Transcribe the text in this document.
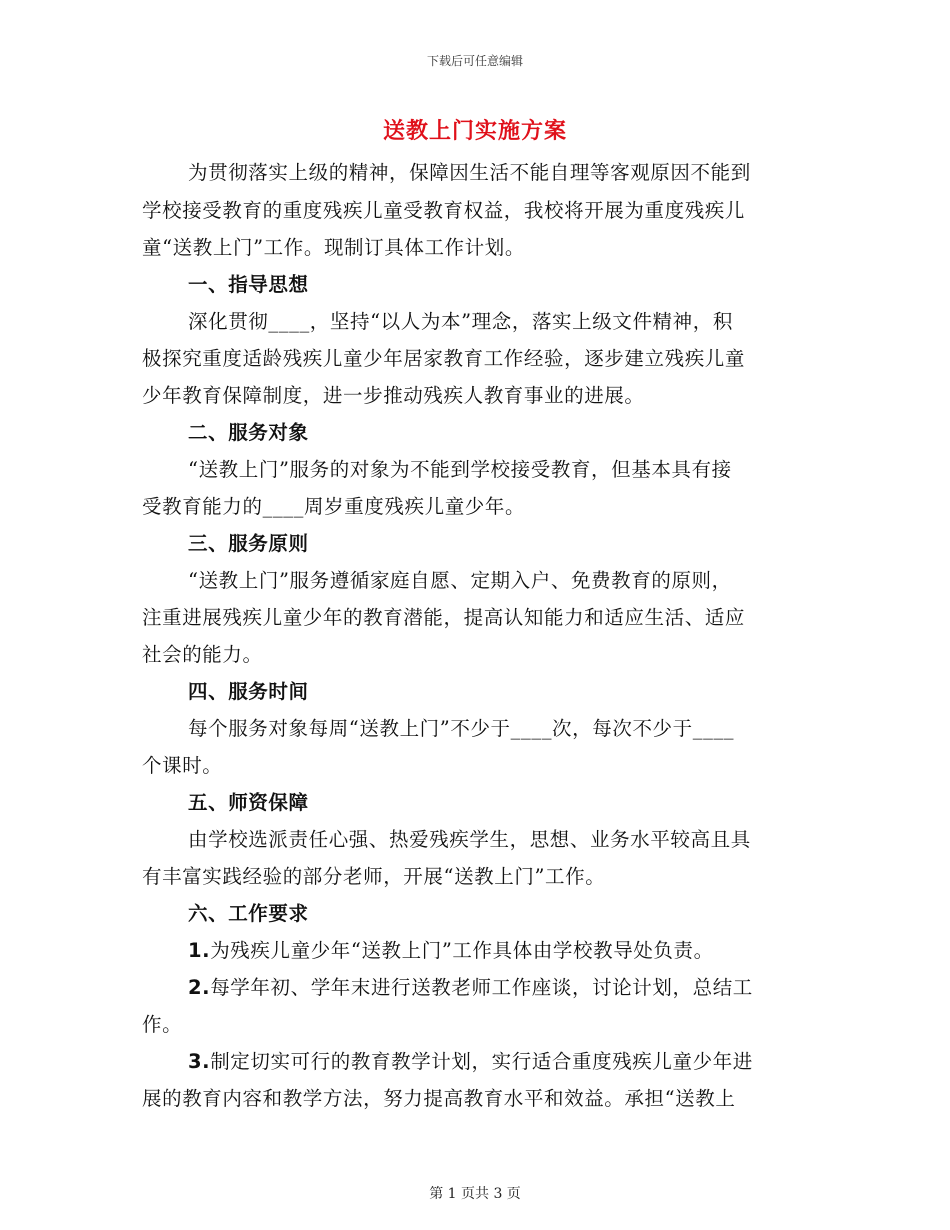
下载后可任意编辑
送教上门实施方案
为贯彻落实上级的精神，保障因生活不能自理等客观原因不能到
学校接受教育的重度残疾儿童受教育权益，我校将开展为重度残疾儿
童“送教上门”工作。现制订具体工作计划。
一、指导思想
深化贯彻____，坚持“以人为本”理念，落实上级文件精神，积
极探究重度适龄残疾儿童少年居家教育工作经验，逐步建立残疾儿童
少年教育保障制度，进一步推动残疾人教育事业的进展。
二、服务对象
“送教上门”服务的对象为不能到学校接受教育，但基本具有接
受教育能力的____周岁重度残疾儿童少年。
三、服务原则
“送教上门”服务遵循家庭自愿、定期入户、免费教育的原则，
注重进展残疾儿童少年的教育潜能，提高认知能力和适应生活、适应
社会的能力。
四、服务时间
每个服务对象每周“送教上门”不少于____次，每次不少于____
个课时。
五、师资保障
由学校选派责任心强、热爱残疾学生，思想、业务水平较高且具
有丰富实践经验的部分老师，开展“送教上门”工作。
六、工作要求
1.为残疾儿童少年“送教上门”工作具体由学校教导处负责。
2.每学年初、学年末进行送教老师工作座谈，讨论计划，总结工
作。
3.制定切实可行的教育教学计划，实行适合重度残疾儿童少年进
展的教育内容和教学方法，努力提高教育水平和效益。承担“送教上
第 1 页共 3 页
